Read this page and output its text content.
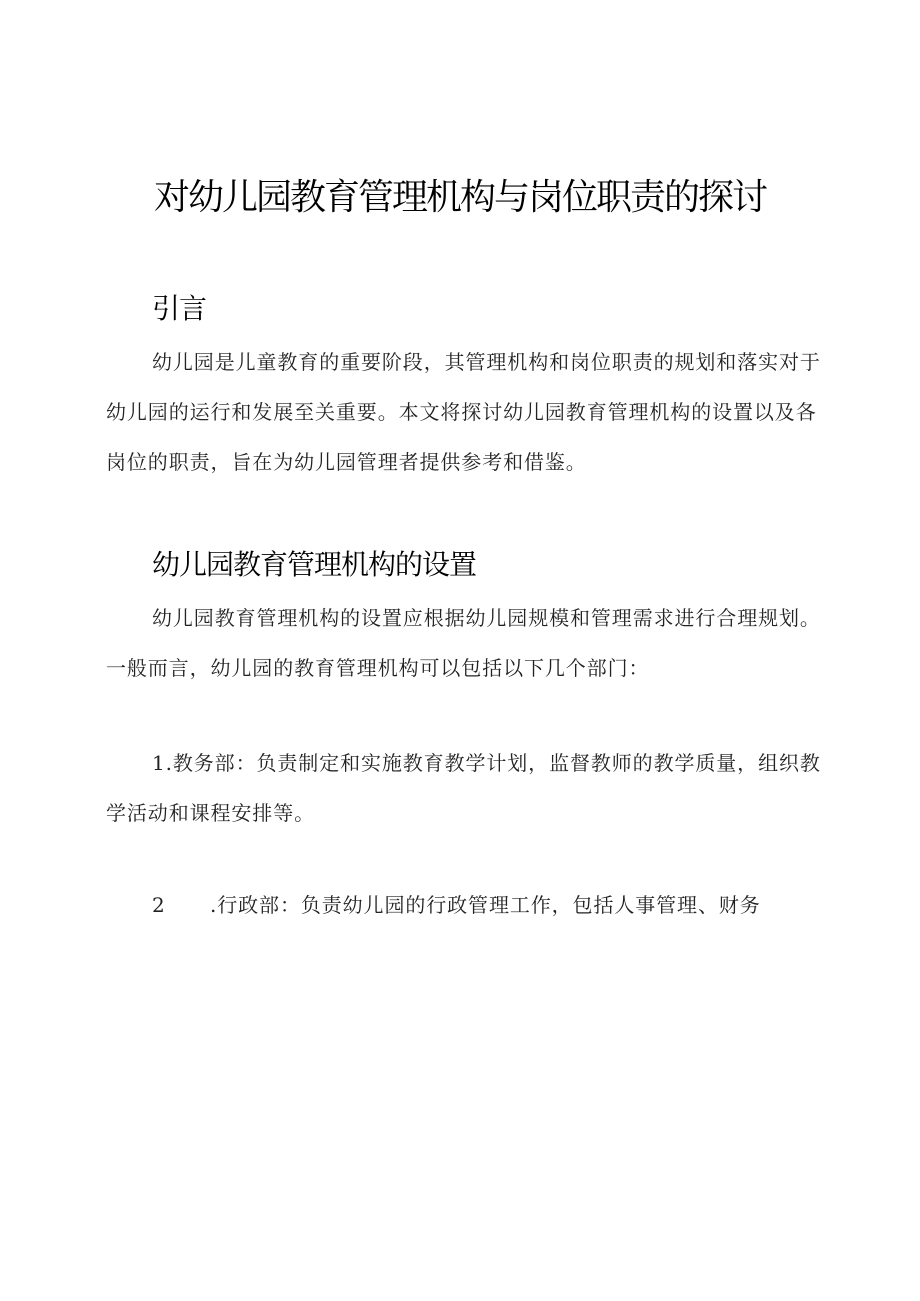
对幼儿园教育管理机构与岗位职责的探讨
引言

幼儿园是儿童教育的重要阶段，其管理机构和岗位职责的规划和落实对于幼儿园的运行和发展至关重要。本文将探讨幼儿园教育管理机构的设置以及各岗位的职责，旨在为幼儿园管理者提供参考和借鉴。

幼儿园教育管理机构的设置

幼儿园教育管理机构的设置应根据幼儿园规模和管理需求进行合理规划。一般而言，幼儿园的教育管理机构可以包括以下几个部门：

1.教务部：负责制定和实施教育教学计划，监督教师的教学质量，组织教学活动和课程安排等。

2 .行政部：负责幼儿园的行政管理工作，包括人事管理、财务
